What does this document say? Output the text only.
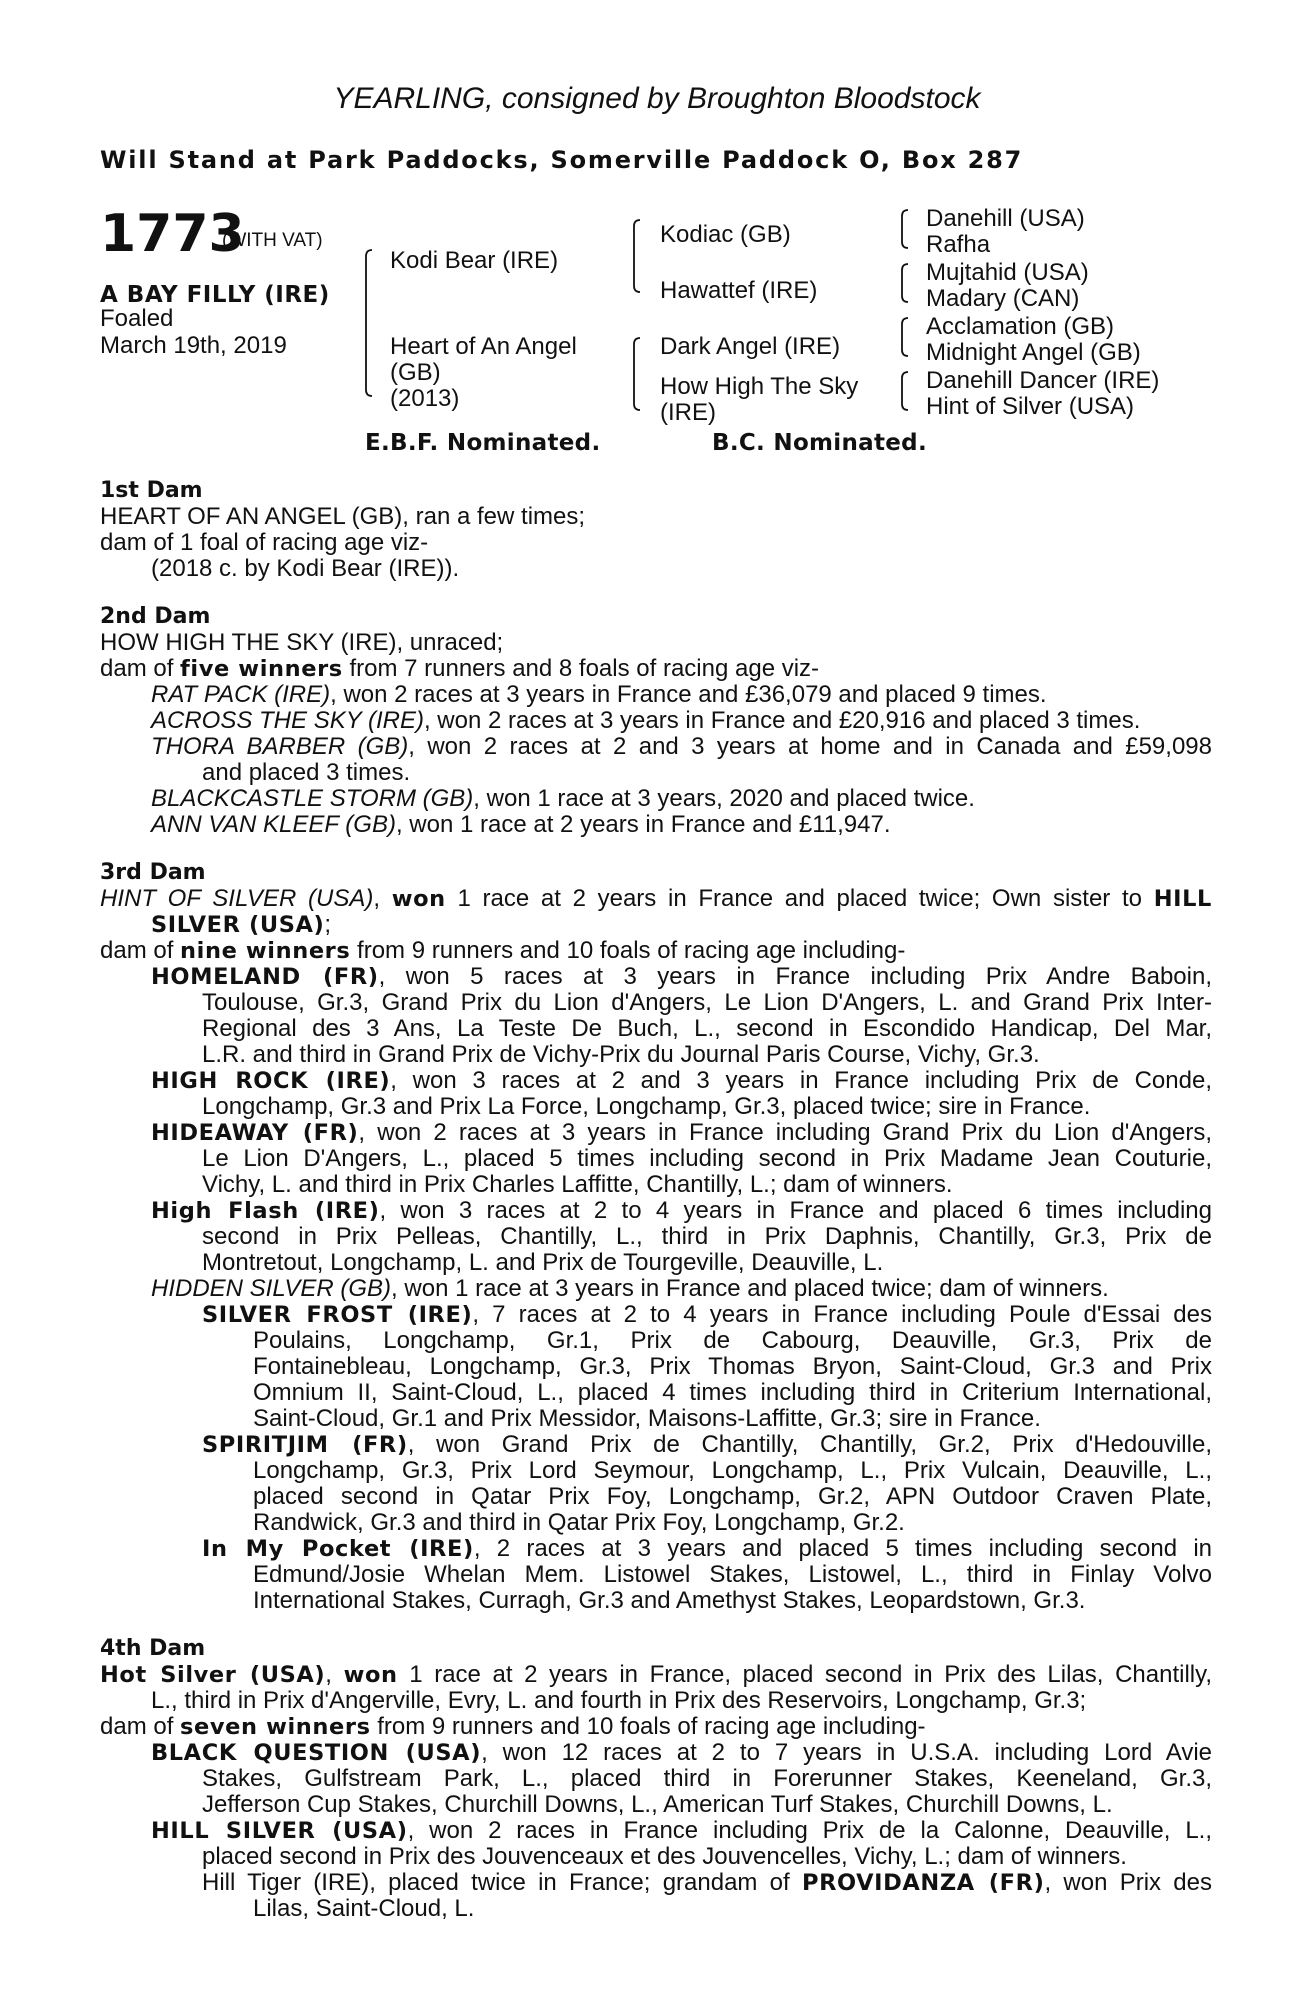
YEARLING, consigned by Broughton Bloodstock
Will Stand at Park Paddocks, Somerville Paddock O, Box 287
1773
(WITH VAT)
A BAY FILLY (IRE)
Foaled
March 19th, 2019
Kodi Bear (IRE)
Heart of An Angel
(GB)
(2013)
Kodiac (GB)
Hawattef (IRE)
Dark Angel (IRE)
How High The Sky
(IRE)
Danehill (USA)
Rafha
Mujtahid (USA)
Madary (CAN)
Acclamation (GB)
Midnight Angel (GB)
Danehill Dancer (IRE)
Hint of Silver (USA)
E.B.F. Nominated.	B.C. Nominated.
1st Dam
HEART OF AN ANGEL (GB), ran a few times;
dam of 1 foal of racing age viz-
(2018 c. by Kodi Bear (IRE)).
2nd Dam
HOW HIGH THE SKY (IRE), unraced;
dam of five winners from 7 runners and 8 foals of racing age viz-
RAT PACK (IRE), won 2 races at 3 years in France and £36,079 and placed 9 times.
ACROSS THE SKY (IRE), won 2 races at 3 years in France and £20,916 and placed 3 times.
THORA BARBER (GB), won 2 races at 2 and 3 years at home and in Canada and £59,098
and placed 3 times.
BLACKCASTLE STORM (GB), won 1 race at 3 years, 2020 and placed twice.
ANN VAN KLEEF (GB), won 1 race at 2 years in France and £11,947.
3rd Dam
HINT OF SILVER (USA), won 1 race at 2 years in France and placed twice; Own sister to HILL
SILVER (USA);
dam of nine winners from 9 runners and 10 foals of racing age including-
HOMELAND (FR), won 5 races at 3 years in France including Prix Andre Baboin,
Toulouse, Gr.3, Grand Prix du Lion d'Angers, Le Lion D'Angers, L. and Grand Prix Inter-
Regional des 3 Ans, La Teste De Buch, L., second in Escondido Handicap, Del Mar,
L.R. and third in Grand Prix de Vichy-Prix du Journal Paris Course, Vichy, Gr.3.
HIGH ROCK (IRE), won 3 races at 2 and 3 years in France including Prix de Conde,
Longchamp, Gr.3 and Prix La Force, Longchamp, Gr.3, placed twice; sire in France.
HIDEAWAY (FR), won 2 races at 3 years in France including Grand Prix du Lion d'Angers,
Le Lion D'Angers, L., placed 5 times including second in Prix Madame Jean Couturie,
Vichy, L. and third in Prix Charles Laffitte, Chantilly, L.; dam of winners.
High Flash (IRE), won 3 races at 2 to 4 years in France and placed 6 times including
second in Prix Pelleas, Chantilly, L., third in Prix Daphnis, Chantilly, Gr.3, Prix de
Montretout, Longchamp, L. and Prix de Tourgeville, Deauville, L.
HIDDEN SILVER (GB), won 1 race at 3 years in France and placed twice; dam of winners.
SILVER FROST (IRE), 7 races at 2 to 4 years in France including Poule d'Essai des
Poulains, Longchamp, Gr.1, Prix de Cabourg, Deauville, Gr.3, Prix de
Fontainebleau, Longchamp, Gr.3, Prix Thomas Bryon, Saint-Cloud, Gr.3 and Prix
Omnium II, Saint-Cloud, L., placed 4 times including third in Criterium International,
Saint-Cloud, Gr.1 and Prix Messidor, Maisons-Laffitte, Gr.3; sire in France.
SPIRITJIM (FR), won Grand Prix de Chantilly, Chantilly, Gr.2, Prix d'Hedouville,
Longchamp, Gr.3, Prix Lord Seymour, Longchamp, L., Prix Vulcain, Deauville, L.,
placed second in Qatar Prix Foy, Longchamp, Gr.2, APN Outdoor Craven Plate,
Randwick, Gr.3 and third in Qatar Prix Foy, Longchamp, Gr.2.
In My Pocket (IRE), 2 races at 3 years and placed 5 times including second in
Edmund/Josie Whelan Mem. Listowel Stakes, Listowel, L., third in Finlay Volvo
International Stakes, Curragh, Gr.3 and Amethyst Stakes, Leopardstown, Gr.3.
4th Dam
Hot Silver (USA), won 1 race at 2 years in France, placed second in Prix des Lilas, Chantilly,
L., third in Prix d'Angerville, Evry, L. and fourth in Prix des Reservoirs, Longchamp, Gr.3;
dam of seven winners from 9 runners and 10 foals of racing age including-
BLACK QUESTION (USA), won 12 races at 2 to 7 years in U.S.A. including Lord Avie
Stakes, Gulfstream Park, L., placed third in Forerunner Stakes, Keeneland, Gr.3,
Jefferson Cup Stakes, Churchill Downs, L., American Turf Stakes, Churchill Downs, L.
HILL SILVER (USA), won 2 races in France including Prix de la Calonne, Deauville, L.,
placed second in Prix des Jouvenceaux et des Jouvencelles, Vichy, L.; dam of winners.
Hill Tiger (IRE), placed twice in France; grandam of PROVIDANZA (FR), won Prix des
Lilas, Saint-Cloud, L.
